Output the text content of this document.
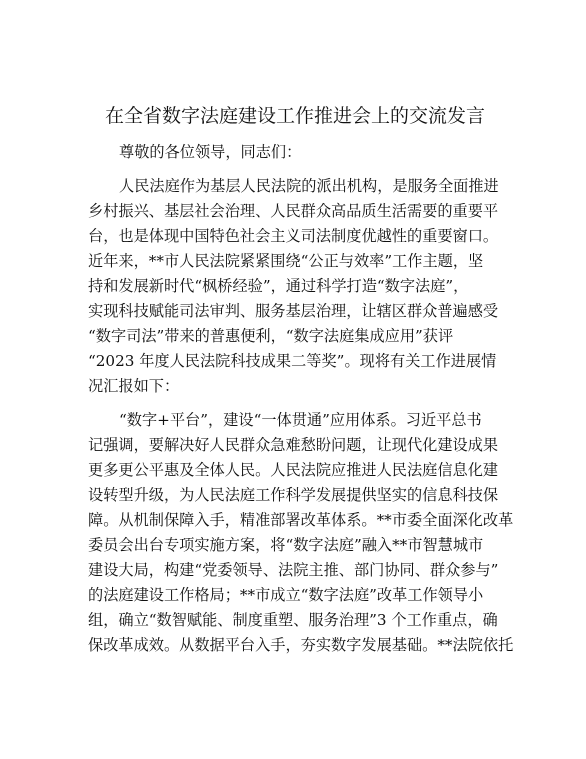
在全省数字法庭建设工作推进会上的交流发言
尊敬的各位领导，同志们：
人民法庭作为基层人民法院的派出机构，是服务全面推进
乡村振兴、基层社会治理、人民群众高品质生活需要的重要平
台，也是体现中国特色社会主义司法制度优越性的重要窗口。
近年来，**市人民法院紧紧围绕“公正与效率”工作主题，坚
持和发展新时代“枫桥经验”，通过科学打造“数字法庭”，
实现科技赋能司法审判、服务基层治理，让辖区群众普遍感受
“数字司法”带来的普惠便利，“数字法庭集成应用”获评
“2023 年度人民法院科技成果二等奖”。现将有关工作进展情
况汇报如下：
“数字+平台”，建设“一体贯通”应用体系。习近平总书
记强调，要解决好人民群众急难愁盼问题，让现代化建设成果
更多更公平惠及全体人民。人民法院应推进人民法庭信息化建
设转型升级，为人民法庭工作科学发展提供坚实的信息科技保
障。从机制保障入手，精准部署改革体系。**市委全面深化改革
委员会出台专项实施方案，将“数字法庭”融入**市智慧城市
建设大局，构建“党委领导、法院主推、部门协同、群众参与”
的法庭建设工作格局；**市成立“数字法庭”改革工作领导小
组，确立“数智赋能、制度重塑、服务治理”3 个工作重点，确
保改革成效。从数据平台入手，夯实数字发展基础。**法院依托
